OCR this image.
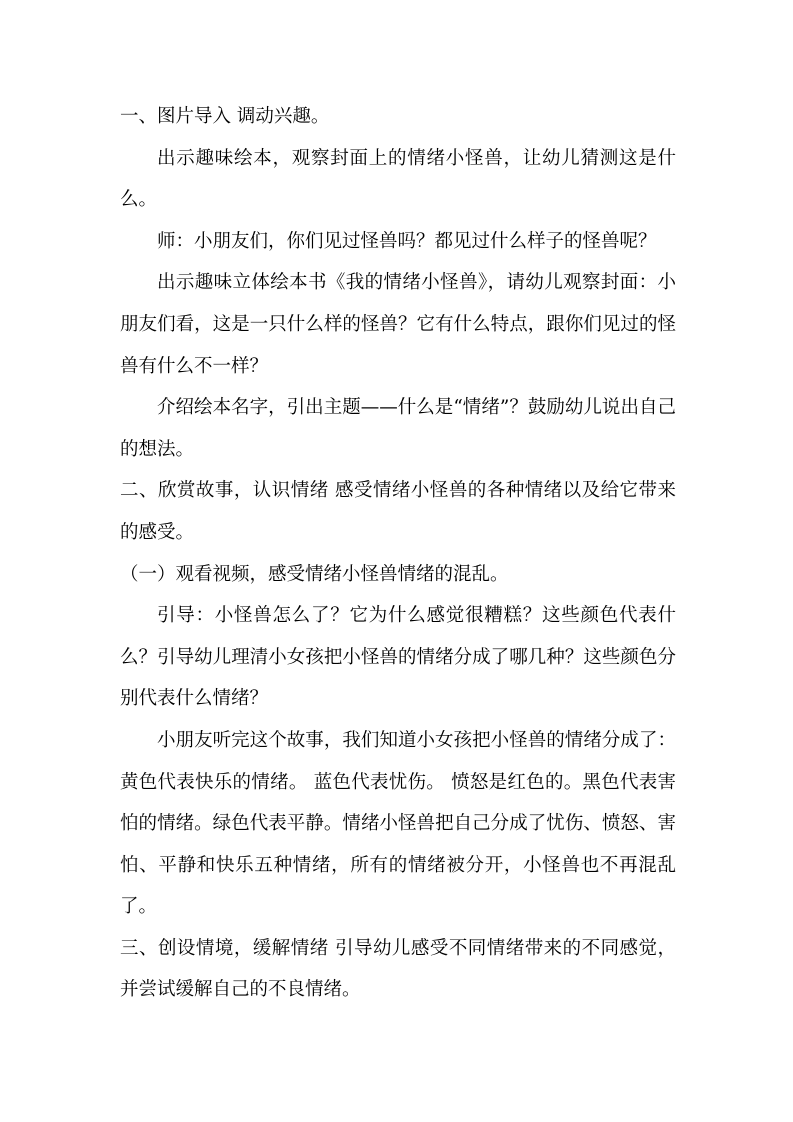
一、图片导入 调动兴趣。

出示趣味绘本，观察封面上的情绪小怪兽，让幼儿猜测这是什么。

师：小朋友们，你们见过怪兽吗？都见过什么样子的怪兽呢？

出示趣味立体绘本书《我的情绪小怪兽》，请幼儿观察封面：小朋友们看，这是一只什么样的怪兽？它有什么特点，跟你们见过的怪兽有什么不一样？

介绍绘本名字，引出主题——什么是“情绪”？鼓励幼儿说出自己的想法。

二、欣赏故事，认识情绪 感受情绪小怪兽的各种情绪以及给它带来的感受。

（一）观看视频，感受情绪小怪兽情绪的混乱。

引导：小怪兽怎么了？它为什么感觉很糟糕？这些颜色代表什么？引导幼儿理清小女孩把小怪兽的情绪分成了哪几种？这些颜色分别代表什么情绪？

小朋友听完这个故事，我们知道小女孩把小怪兽的情绪分成了：黄色代表快乐的情绪。 蓝色代表忧伤。 愤怒是红色的。黑色代表害怕的情绪。绿色代表平静。情绪小怪兽把自己分成了忧伤、愤怒、害怕、平静和快乐五种情绪，所有的情绪被分开，小怪兽也不再混乱了。

三、创设情境，缓解情绪 引导幼儿感受不同情绪带来的不同感觉，并尝试缓解自己的不良情绪。
